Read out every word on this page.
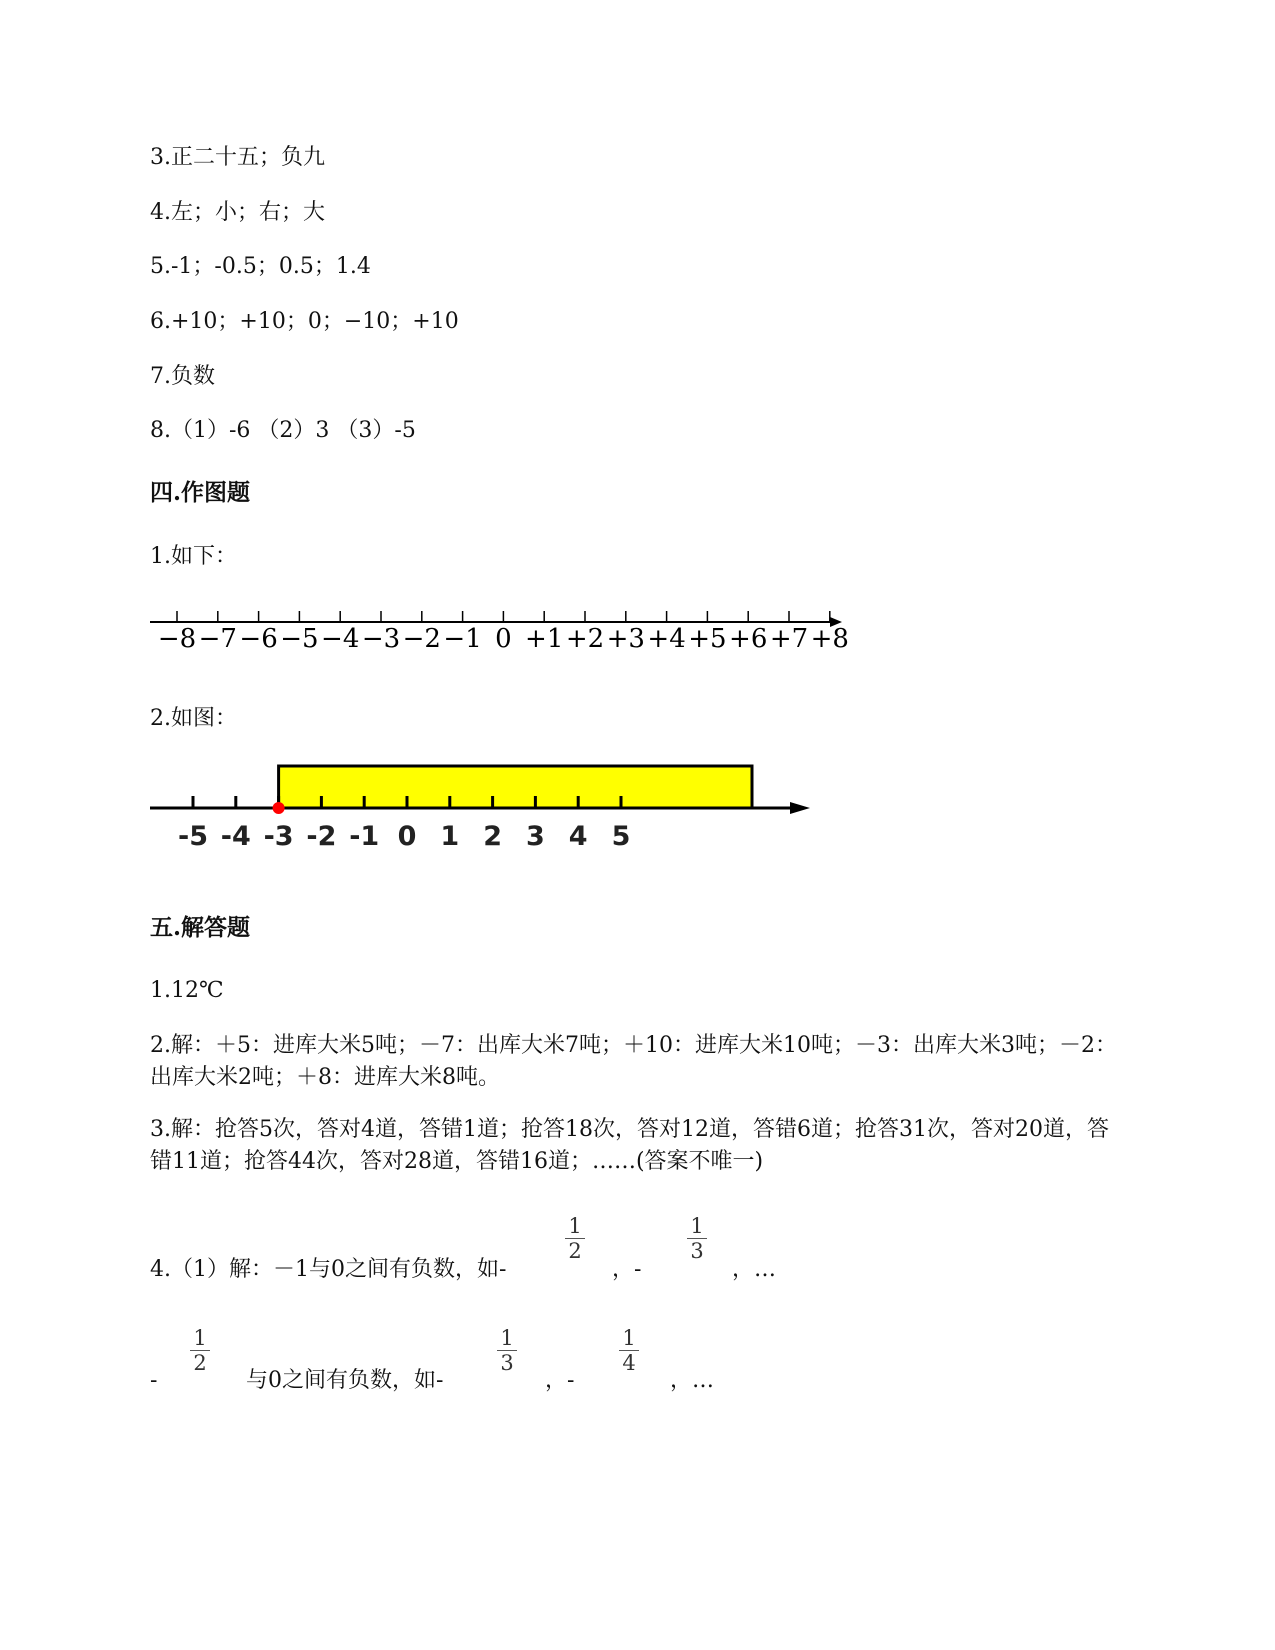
3.正二十五；负九
4.左；小；右；大
5.-1；-0.5；0.5；1.4
6.+10；+10；0；−10；+10
7.负数
8.（1）-6 （2）3 （3）-5
四.作图题
1.如下：
−8 −7 −6 −5 −4 −3 −2 −1 0 +1 +2 +3 +4 +5 +6 +7 +8
2.如图：
-5 -4 -3 -2 -1 0 1 2 3 4 5
五.解答题
1.12℃
2.解：＋5：进库大米5吨；－7：出库大米7吨；＋10：进库大米10吨；－3：出库大米3吨；－2：出库大米2吨；＋8：进库大米8吨。
3.解：抢答5次，答对4道，答错1道；抢答18次，答对12道，答错6道；抢答31次，答对20道，答错11道；抢答44次，答对28道，答错16道；……(答案不唯一)
4.（1）解：－1与0之间有负数，如-
1
2
，-
1
3
，…
-
1
2
与0之间有负数，如-
1
3
，-
1
4
，…
